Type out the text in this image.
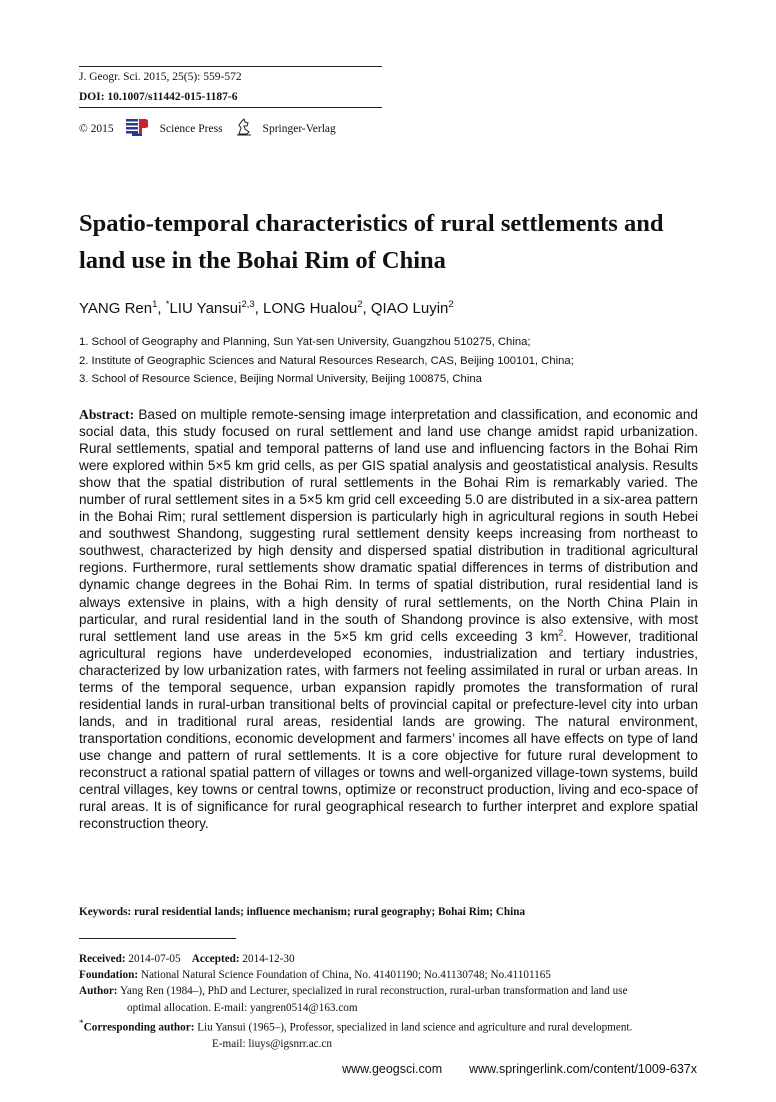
J. Geogr. Sci. 2015, 25(5): 559-572
DOI: 10.1007/s11442-015-1187-6
© 2015	Science Press	Springer-Verlag
Spatio-temporal characteristics of rural settlements and land use in the Bohai Rim of China
YANG Ren$^1$, *LIU Yansui$^{2,3}$, LONG Hualou$^2$, QIAO Luyin$^2$
1. School of Geography and Planning, Sun Yat-sen University, Guangzhou 510275, China;
2. Institute of Geographic Sciences and Natural Resources Research, CAS, Beijing 100101, China;
3. School of Resource Science, Beijing Normal University, Beijing 100875, China

Abstract: Based on multiple remote-sensing image interpretation and classification, and economic and social data, this study focused on rural settlement and land use change amidst rapid urbanization. Rural settlements, spatial and temporal patterns of land use and influencing factors in the Bohai Rim were explored within 5×5 km grid cells, as per GIS spatial analysis and geostatistical analysis. Results show that the spatial distribution of rural settlements in the Bohai Rim is remarkably varied. The number of rural settlement sites in a 5×5 km grid cell exceeding 5.0 are distributed in a six-area pattern in the Bohai Rim; rural settlement dispersion is particularly high in agricultural regions in south Hebei and southwest Shandong, suggesting rural settlement density keeps increasing from northeast to southwest, characterized by high density and dispersed spatial distribution in traditional agricultural regions. Furthermore, rural settlements show dramatic spatial differences in terms of distribution and dynamic change degrees in the Bohai Rim. In terms of spatial distribution, rural residential land is always extensive in plains, with a high density of rural settlements, on the North China Plain in particular, and rural residential land in the south of Shandong province is also extensive, with most rural settlement land use areas in the 5×5 km grid cells exceeding 3 $km^2$. However, traditional agricultural regions have underdeveloped economies, industrialization and tertiary industries, characterized by low urbanization rates, with farmers not feeling assimilated in rural or urban areas. In terms of the temporal sequence, urban expansion rapidly promotes the transformation of rural residential lands in rural-urban transitional belts of provincial capital or prefecture-level city into urban lands, and in traditional rural areas, residential lands are growing. The natural environment, transportation conditions, economic development and farmers’ incomes all have effects on type of land use change and pattern of rural settlements. It is a core objective for future rural development to reconstruct a rational spatial pattern of villages or towns and well-organized village-town systems, build central villages, key towns or central towns, optimize or reconstruct production, living and eco-space of rural areas. It is of significance for rural geographical research to further interpret and explore spatial reconstruction theory.

Keywords: rural residential lands; influence mechanism; rural geography; Bohai Rim; China
Received: 2014-07-05 Accepted: 2014-12-30
Foundation: National Natural Science Foundation of China, No. 41401190; No.41130748; No.41101165
Author: Yang Ren (1984–), PhD and Lecturer, specialized in rural reconstruction, rural-urban transformation and land use
optimal allocation. E-mail: yangren0514@163.com
*Corresponding author: Liu Yansui (1965–), Professor, specialized in land science and agriculture and rural development.
E-mail: liuys@igsnrr.ac.cn
www.geogsci.com www.springerlink.com/content/1009-637x
